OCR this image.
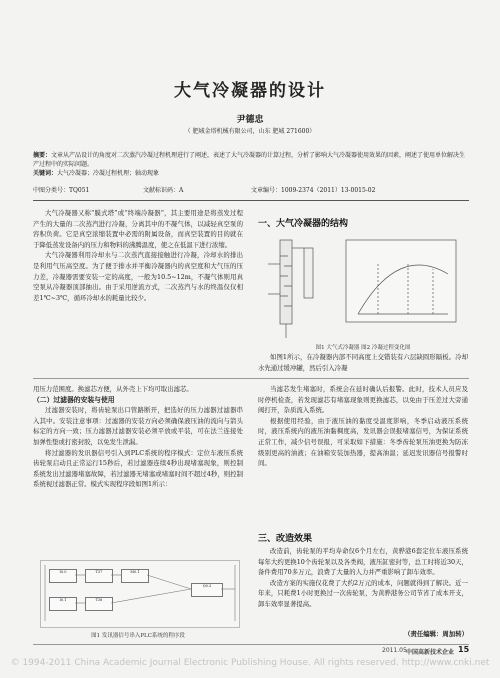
大气冷凝器的设计
尹德忠
（ 肥城金塔机械有限公司，山东 肥城 271600）
摘要：文章从产品设计的角度对二次蒸汽冷凝过程机理进行了阐述，表述了大气冷凝器的计算过程，分析了影响大气冷凝器使用效果的因素，阐述了使用单位解决生产过程中的实际问题。
关键词：大气冷凝器；冷凝过程机理；轴动现象
中图分类号：TQ051	文献标识码：A	文章编号：1009-2374（2011）13-0015-02

大气冷凝器又称“膜式塔”或“终端冷凝器”，其主要用途是将蒸发过程产生的大量的二次蒸汽进行冷凝，分离其中的不凝气体，以减轻真空泵的容积负荷。它是真空浓缩装置中必需的附属设备，而真空装置的目的就在于降低蒸发设备内的压力和物料的沸腾温度，使之在低温下进行浓缩。

大气冷凝器利用冷却水与二次蒸汽直接接触进行冷凝，冷却水的排出是利用气压高空度。为了便于排水并平衡冷凝器内的真空度和大气压的压力差，冷凝器需要安装一定的高度，一般为10.5~12m，不凝气体则用真空泵从冷凝器顶部抽出。由于采用逆流方式，二次蒸汽与水的终温仅仅相差1℃~3℃，循环冷却水的耗量比较少。

一、大气冷凝器的结构
图1 大气式冷凝器 图2 冷凝过程变化图

如图1所示，在冷凝器内部不同高度上交错装有六层缺圆形隔板。冷却水先通过缓冲罐，然后引入冷凝

用压力范围度。换滤芯方便，从外壳上下均可取出滤芯。
（二）过滤器的安装与使用

过滤器安装时，将齿轮泵出口管路断开，把选好的压力滤器过滤器串入其中。安装注意事项：过滤器的安装方向必须确保液压油的流向与箭头标定的方向一致；压力滤器过滤器安装必须平放或平装，可在法兰连接处加弹性垫或打密封胶，以免发生泄漏。

将过滤器的发讯器信号引入到PLC系统的程序模式：定位车液压系统齿轮泵启动且正常运行15秒后，若过滤器连续4秒出现堵塞现象，则控制系统发出过滤器堵塞故障，若过滤器无堵塞或堵塞时间不超过4秒，则控制系统视过滤器正常。模式实现程序段如图1所示：

I0.0	T37	M0.1
I0.1	T38
Q0.3
图1 发讯器信号串入PLC系统的程序段

当滤芯发生堵塞时，系统会在延时确认后报警。此时，技术人员应及时停机检查，若发现滤芯有堵塞现象则更换滤芯，以免由于压差过大旁通阀打开，杂质流入系统。

根据使用经验，由于液压油的黏度受温度影响，冬季启动液压系统时，液压系统内的液压油黏稠度高，发讯器会误报堵塞信号，为保证系统正常工作，减少信号误报，可采取如下措施：冬季齿轮泵压油更换为防冻级别更高的油液；在油箱安装加热器，提高油温；延迟发讯器信号报警时间。

三、改造效果

改造前，齿轮泵的平均寿命仅6个月左右，黄骅港6套定位车液压系统每年大约更换10个齿轮泵以及各类阀，液压缸密封等，总工时将近30天，备件费用70多万元，浪费了大量的人力并严重影响了卸车效率。

改造方案的实施仅花费了大约2万元的成本，问题就得到了解决。近一年来，只耗费1小时更换过一次齿轮泵，为黄骅港务公司节省了成本开支，卸车效率显著提高。

（责任编辑：周加转）
2011.05 中国高新技术企业 15
© 1994-2011 China Academic Journal Electronic Publishing House. All rights reserved. http://www.cnki.net
